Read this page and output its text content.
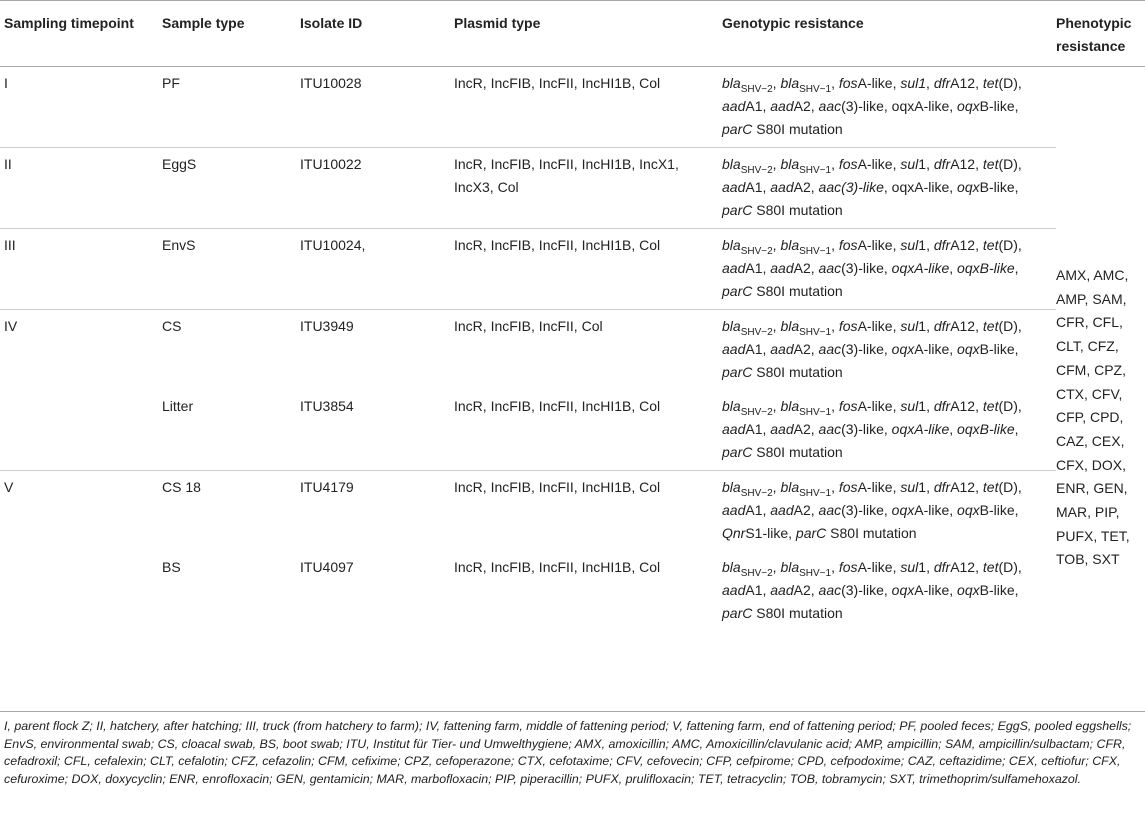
Sampling timepoint	Sample type	Isolate ID	Plasmid type	Genotypic resistance	Phenotypic resistance
I	PF	ITU10028	IncR, IncFIB, IncFII, IncHI1B, Col	bla$_{SHV-2}$, bla$_{SHV-1}$, fosA-like, sul1, dfrA12, tet(D), aadA1, aadA2, aac(3)-like, oqxA-like, oqxB-like, parC S80I mutation	AMX, AMC, AMP, SAM, CFR, CFL, CLT, CFZ, CFM, CPZ, CTX, CFV, CFP, CPD, CAZ, CEX, CFX, DOX, ENR, GEN, MAR, PIP, PUFX, TET, TOB, SXT

II	EggS	ITU10022	IncR, IncFIB, IncFII, IncHI1B, IncX1, IncX3, Col	bla$_{SHV-2}$, bla$_{SHV-1}$, fosA-like, sul1, dfrA12, tet(D), aadA1, aadA2, aac(3)-like, oqxA-like, oqxB-like, parC S80I mutation	
III	EnvS	ITU10024,	IncR, IncFIB, IncFII, IncHI1B, Col	bla$_{SHV-2}$, bla$_{SHV-1}$, fosA-like, sul1, dfrA12, tet(D), aadA1, aadA2, aac(3)-like, oqxA-like, oqxB-like, parC S80I mutation	
IV	CS	ITU3949	IncR, IncFIB, IncFII, Col	bla$_{SHV-2}$, bla$_{SHV-1}$, fosA-like, sul1, dfrA12, tet(D), aadA1, aadA2, aac(3)-like, oqxA-like, oqxB-like, parC S80I mutation	
	Litter	ITU3854	IncR, IncFIB, IncFII, IncHI1B, Col	bla$_{SHV-2}$, bla$_{SHV-1}$, fosA-like, sul1, dfrA12, tet(D), aadA1, aadA2, aac(3)-like, oqxA-like, oqxB-like, parC S80I mutation	
V	CS 18	ITU4179	IncR, IncFIB, IncFII, IncHI1B, Col	bla$_{SHV-2}$, bla$_{SHV-1}$, fosA-like, sul1, dfrA12, tet(D), aadA1, aadA2, aac(3)-like, oqxA-like, oqxB-like, QnrS1-like, parC S80I mutation	
	BS	ITU4097	IncR, IncFIB, IncFII, IncHI1B, Col	bla$_{SHV-2}$, bla$_{SHV-1}$, fosA-like, sul1, dfrA12, tet(D), aadA1, aadA2, aac(3)-like, oqxA-like, oqxB-like, parC S80I mutation	
I, parent flock Z; II, hatchery, after hatching; III, truck (from hatchery to farm); IV, fattening farm, middle of fattening period; V, fattening farm, end of fattening period; PF, pooled feces; EggS, pooled eggshells; EnvS, environmental swab; CS, cloacal swab, BS, boot swab; ITU, Institut für Tier- und Umwelthygiene; AMX, amoxicillin; AMC, Amoxicillin/clavulanic acid; AMP, ampicillin; SAM, ampicillin/sulbactam; CFR, cefadroxil; CFL, cefalexin; CLT, cefalotin; CFZ, cefazolin; CFM, cefixime; CPZ, cefoperazone; CTX, cefotaxime; CFV, cefovecin; CFP, cefpirome; CPD, cefpodoxime; CAZ, ceftazidime; CEX, ceftiofur; CFX, cefuroxime; DOX, doxycyclin; ENR, enrofloxacin; GEN, gentamicin; MAR, marbofloxacin; PIP, piperacillin; PUFX, prulifloxacin; TET, tetracyclin; TOB, tobramycin; SXT, trimethoprim/sulfamehoxazol.
